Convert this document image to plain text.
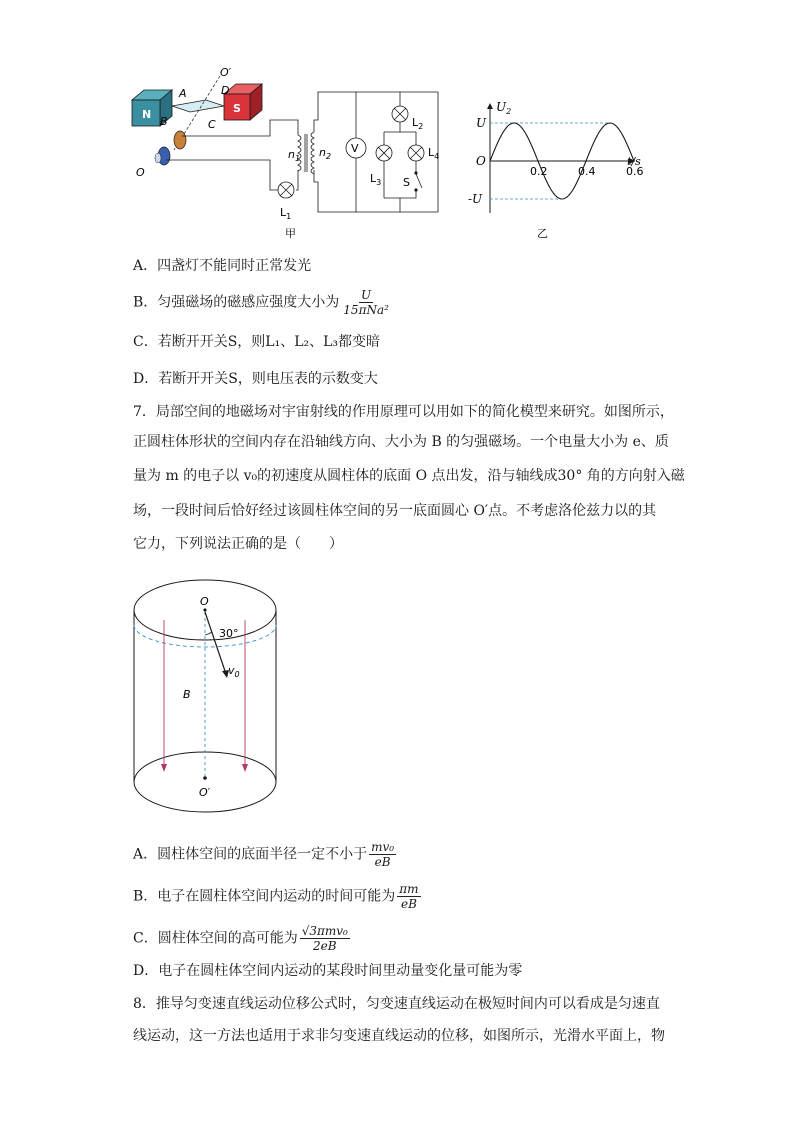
N	S
A
B	C
D
O′
O
$n_1$ $n_2$
$L_1$
V
$L_2$
$L_3$
$L_4$
S
甲
0.2	0.4	0.6
U
-U
O	t/s
$U_2$
乙
A．四盏灯不能同时正常发光
B．匀强磁场的磁感应强度大小为 $\frac{U}{\text{15πNa²}}$
C．若断开开关S，则L₁、L₂、L₃都变暗
D．若断开开关S，则电压表的示数变大
7．局部空间的地磁场对宇宙射线的作用原理可以用如下的简化模型来研究。如图所示，
正圆柱体形状的空间内存在沿轴线方向、大小为 B 的匀强磁场。一个电量大小为 e、质
量为 m 的电子以 v₀的初速度从圆柱体的底面 O 点出发，沿与轴线成30° 角的方向射入磁
场，一段时间后恰好经过该圆柱体空间的另一底面圆心 O′点。不考虑洛伦兹力以的其
它力，下列说法正确的是（　　）
O
30°
$v_0$
B
O′
A．圆柱体空间的底面半径一定不小于 $\frac{\text{mv₀}}{eB}$
B．电子在圆柱体空间内运动的时间可能为 $\frac{\pi m}{eB}$
C．圆柱体空间的高可能为 $\frac{\text{√3πmv₀}}{2eB}$
D．电子在圆柱体空间内运动的某段时间里动量变化量可能为零
8．推导匀变速直线运动位移公式时，匀变速直线运动在极短时间内可以看成是匀速直
线运动，这一方法也适用于求非匀变速直线运动的位移，如图所示，光滑水平面上，物
